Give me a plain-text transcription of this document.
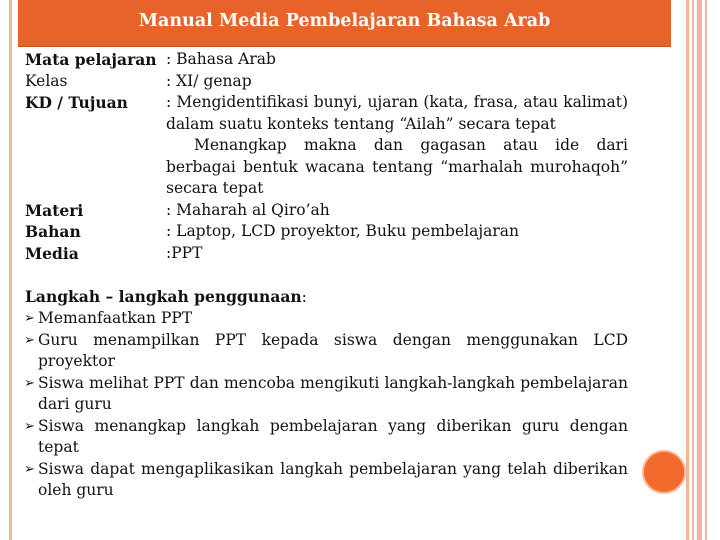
Manual Media Pembelajaran Bahasa Arab
Mata pelajaran : Bahasa Arab
Kelas	: XI/ genap
KD / Tujuan	: Mengidentifikasi bunyi, ujaran (kata, frasa, atau kalimat) dalam suatu konteks tentang “Ailah” secara tepat
Menangkap makna dan gagasan atau ide dari berbagai bentuk wacana tentang “marhalah murohaqoh” secara tepat
Materi	: Maharah al Qiro’ah
Bahan	: Laptop, LCD proyektor, Buku pembelajaran
Media	:PPT
Langkah – langkah penggunaan:
➢ Memanfaatkan PPT
➢ Guru menampilkan PPT kepada siswa dengan menggunakan LCD proyektor
➢ Siswa melihat PPT dan mencoba mengikuti langkah-langkah pembelajaran dari guru
➢ Siswa menangkap langkah pembelajaran yang diberikan guru dengan tepat
➢ Siswa dapat mengaplikasikan langkah pembelajaran yang telah diberikan oleh guru
